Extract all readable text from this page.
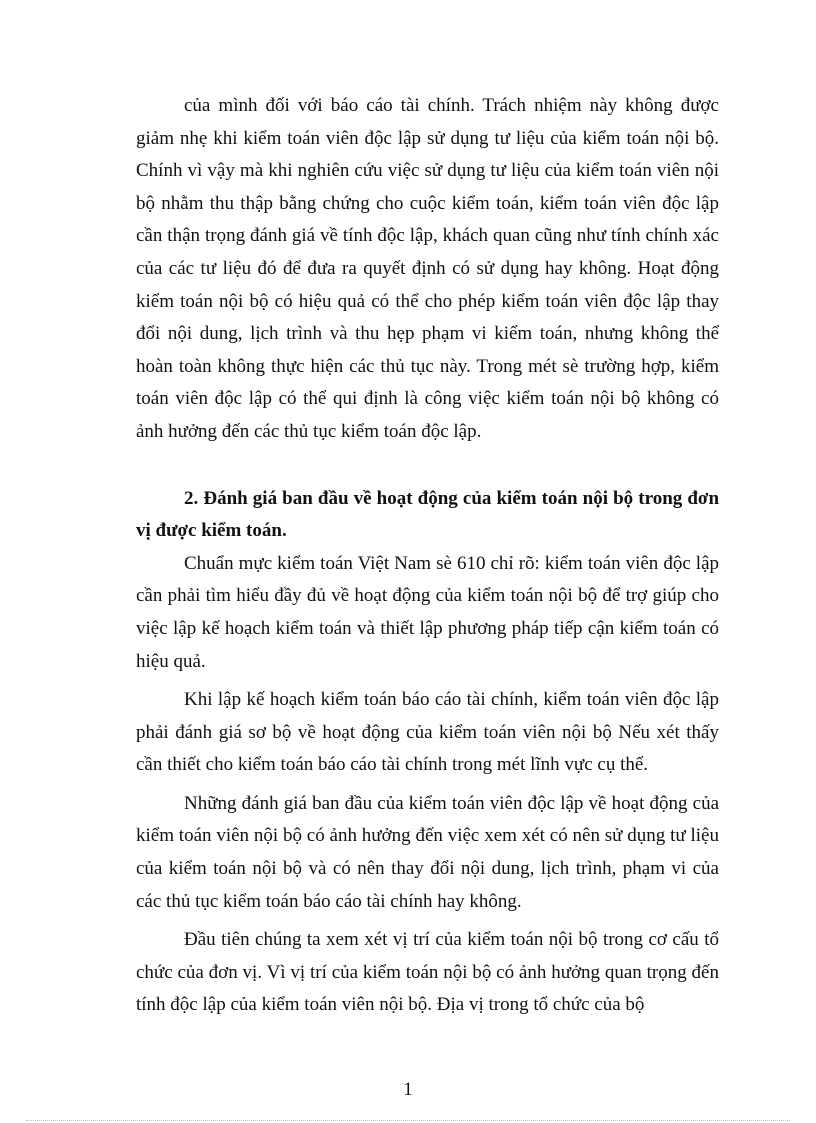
của mình đối với báo cáo tài chính. Trách nhiệm này không được giảm nhẹ khi kiểm toán viên độc lập sử dụng tư liệu của kiểm toán nội bộ. Chính vì vậy mà khi nghiên cứu việc sử dụng tư liệu của kiểm toán viên nội bộ nhằm thu thập bằng chứng cho cuộc kiểm toán, kiểm toán viên độc lập cần thận trọng đánh giá về tính độc lập, khách quan cũng như tính chính xác của các tư liệu đó để đưa ra quyết định có sử dụng hay không. Hoạt động kiểm toán nội bộ có hiệu quả có thể cho phép kiểm toán viên độc lập thay đổi nội dung, lịch trình và thu hẹp phạm vi kiểm toán, nhưng không thể hoàn toàn không thực hiện các thủ tục này. Trong mét sè trường hợp, kiểm toán viên độc lập có thể qui định là công việc kiểm toán nội bộ không có ảnh hưởng đến các thủ tục kiểm toán độc lập.

2. Đánh giá ban đầu về hoạt động của kiểm toán nội bộ trong đơn vị được kiểm toán.

Chuẩn mực kiểm toán Việt Nam sè 610 chỉ rõ: kiểm toán viên độc lập cần phải tìm hiểu đầy đủ về hoạt động của kiểm toán nội bộ để trợ giúp cho việc lập kế hoạch kiểm toán và thiết lập phương pháp tiếp cận kiểm toán có hiệu quả.

Khi lập kế hoạch kiểm toán báo cáo tài chính, kiểm toán viên độc lập phải đánh giá sơ bộ về hoạt động của kiểm toán viên nội bộ Nếu xét thấy cần thiết cho kiểm toán báo cáo tài chính trong mét lĩnh vực cụ thể.

Những đánh giá ban đầu của kiểm toán viên độc lập về hoạt động của kiểm toán viên nội bộ có ảnh hưởng đến việc xem xét có nên sử dụng tư liệu của kiểm toán nội bộ và có nên thay đổi nội dung, lịch trình, phạm vi của các thủ tục kiểm toán báo cáo tài chính hay không.

Đầu tiên chúng ta xem xét vị trí của kiểm toán nội bộ trong cơ cấu tổ chức của đơn vị. Vì vị trí của kiểm toán nội bộ có ảnh hưởng quan trọng đến tính độc lập của kiểm toán viên nội bộ. Địa vị trong tổ chức của bộ

1
